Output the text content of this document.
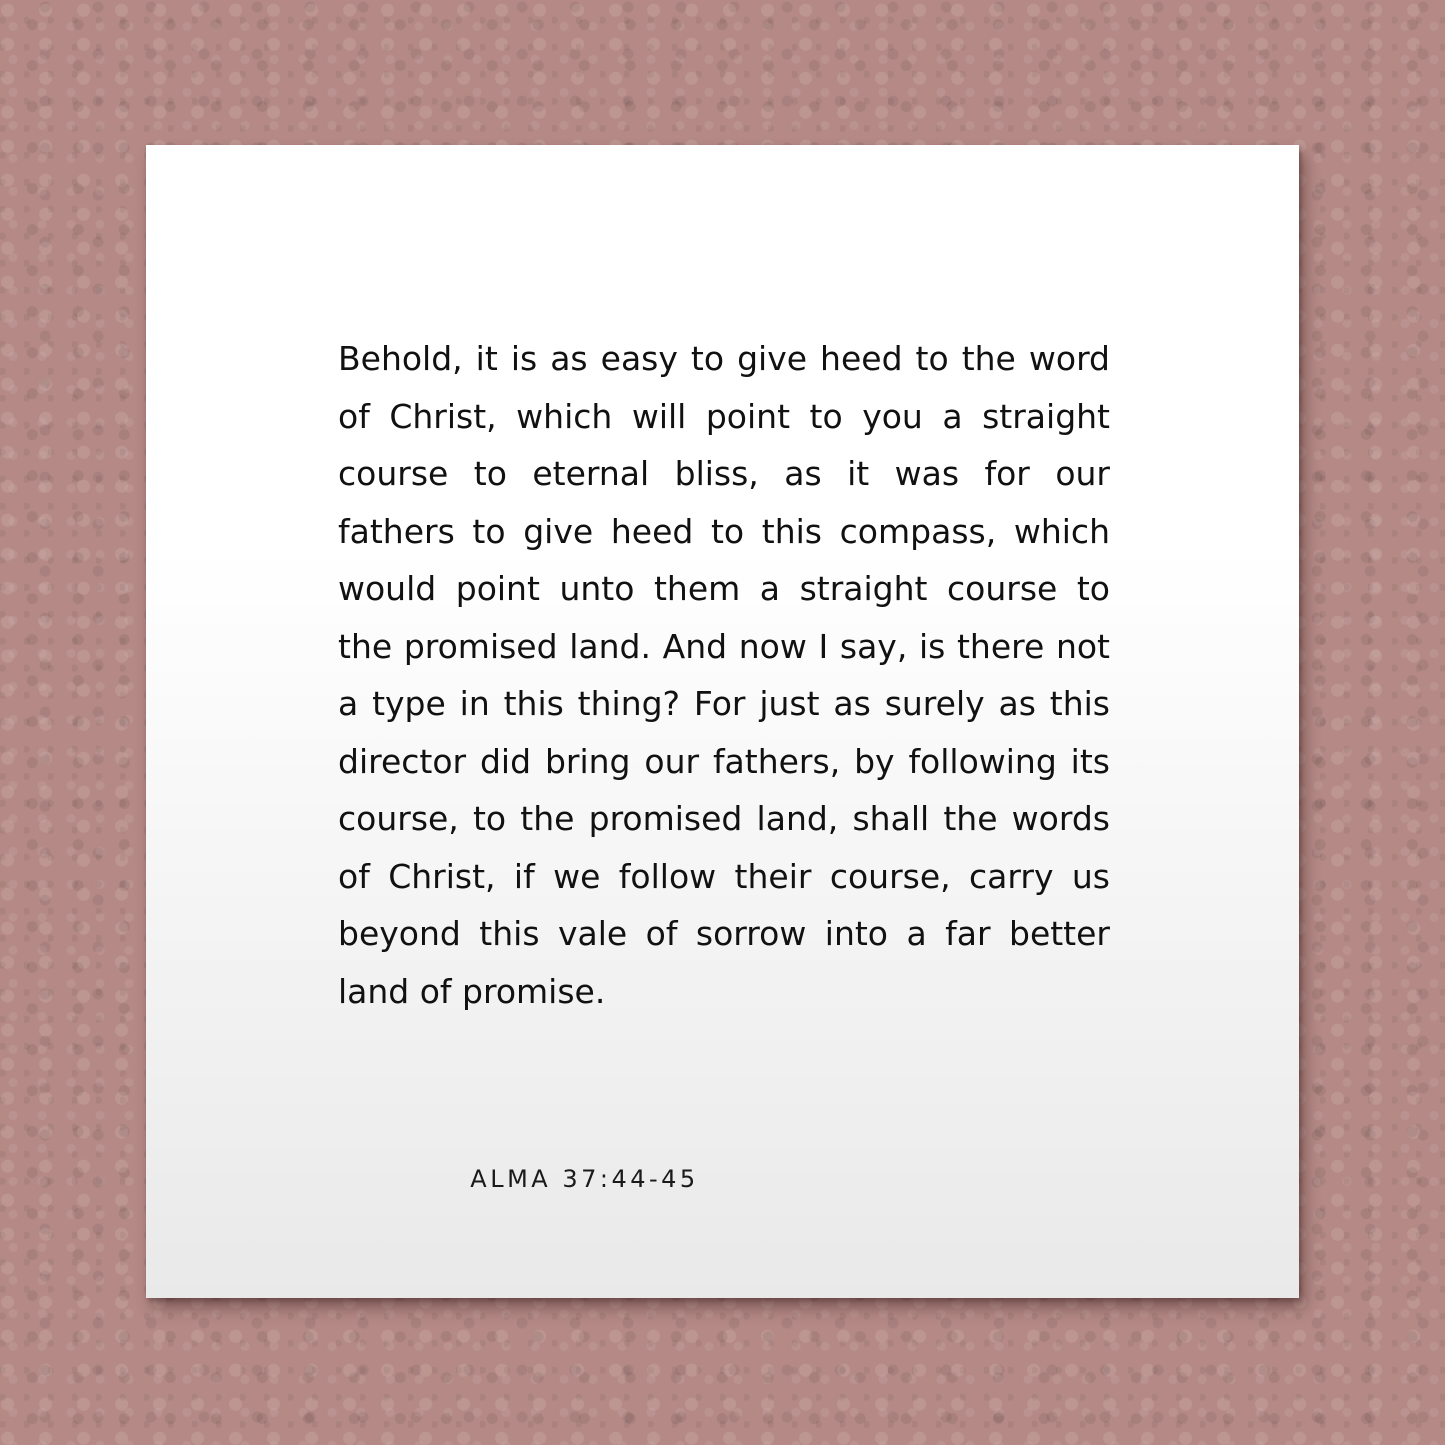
Behold, it is as easy to give heed to the word of Christ, which will point to you a straight course to eternal bliss, as it was for our fathers to give heed to this compass, which would point unto them a straight course to the promised land. And now I say, is there not a type in this thing? For just as surely as this director did bring our fathers, by following its course, to the promised land, shall the words of Christ, if we follow their course, carry us beyond this vale of sorrow into a far better land of promise.

ALMA 37:44-45
